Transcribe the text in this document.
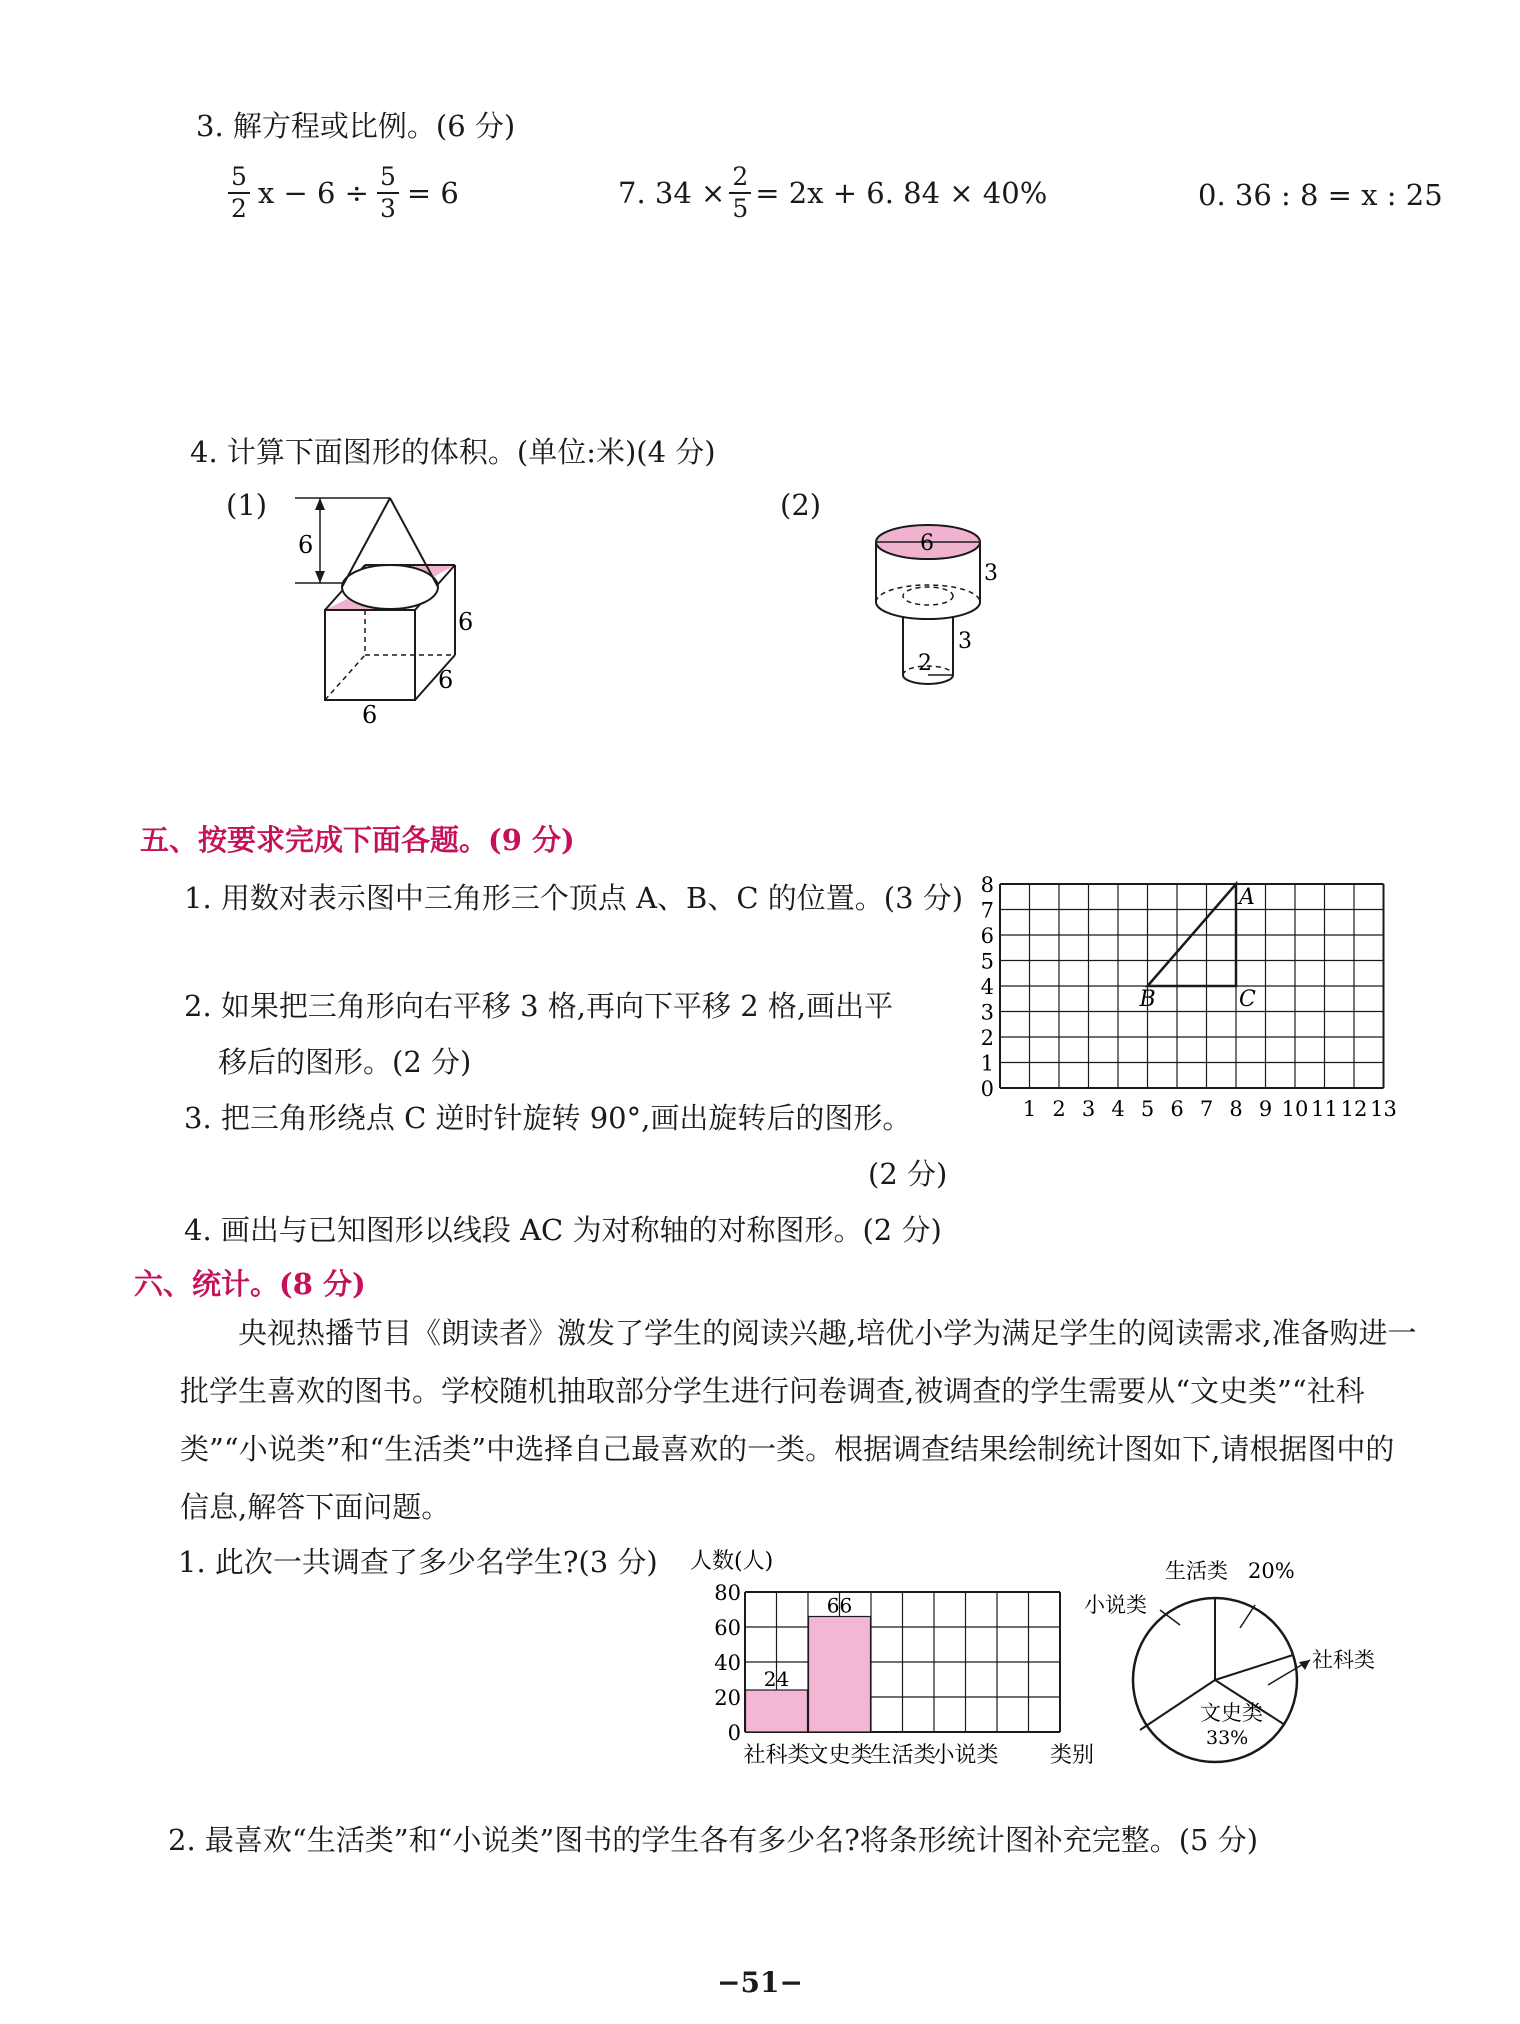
3. 解方程或比例。(6 分)
$\frac{5}{2}$ $x - 6 \div \frac{5}{3} = 6$	7. $34 \times \frac{2}{5} = 2x + 6$. 84 × 40%	0. 36 : 8 = x : 25
4. 计算下面图形的体积。(单位:米)(4 分)
(1)	(2)
6
6
6
6
6
3
3
2
五、按要求完成下面各题。(9 分)
1. 用数对表示图中三角形三个顶点 A、B、C 的位置。(3 分)
2. 如果把三角形向右平移 3 格,再向下平移 2 格,画出平
移后的图形。(2 分)
3. 把三角形绕点 C 逆时针旋转 90°,画出旋转后的图形。
(2 分)
4. 画出与已知图形以线段 AC 为对称轴的对称图形。(2 分)
1 2 3 4 5 6 7 8 9 10 11 12 13
0
1
2
3
4
5
6
7
8	A
B	C
六、统计。(8 分)
央视热播节目《朗读者》激发了学生的阅读兴趣,培优小学为满足学生的阅读需求,准备购进一批学生喜欢的图书。学校随机抽取部分学生进行问卷调查,被调查的学生需要从“文史类”“社科类”“小说类”和“生活类”中选择自己最喜欢的一类。根据调查结果绘制统计图如下,请根据图中的信息,解答下面问题。
1. 此次一共调查了多少名学生?(3 分) 人数(人)
0
20
40
60
80
24
66
社科类
文史类
生活类
小说类 类别
生活类 20%
小说类
社科类
文史类
33%
2. 最喜欢“生活类”和“小说类”图书的学生各有多少名?将条形统计图补充完整。(5 分)
−51−
